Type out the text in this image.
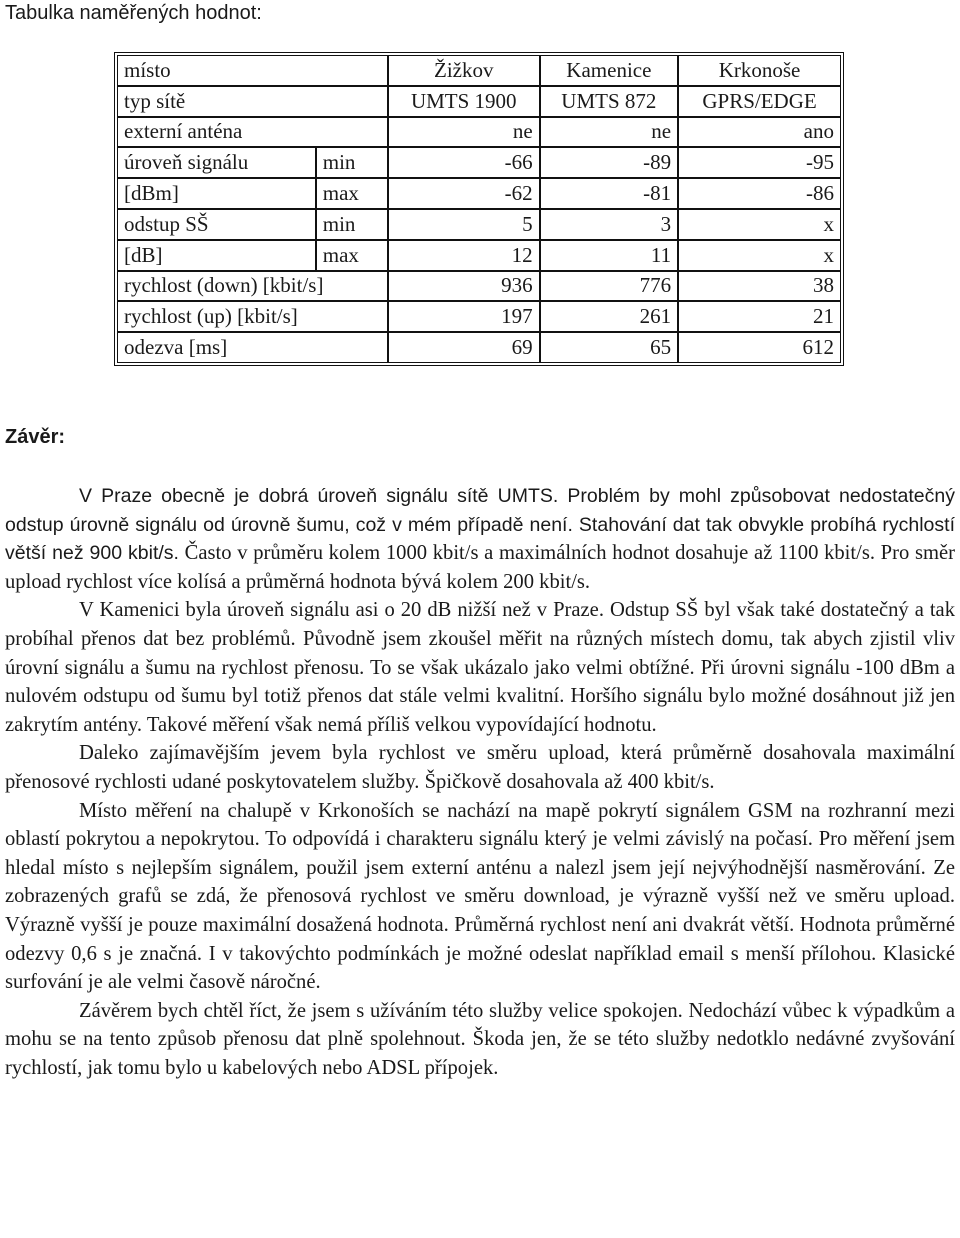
Tabulka naměřených hodnot:
místo		Žižkov	Kamenice	Krkonoše
typ sítě		UMTS 1900	UMTS 872	GPRS/EDGE
externí anténa		ne	ne	ano
úroveň signálu	min	-66	-89	-95
[dBm]	max	-62	-81	-86
odstup SŠ	min	5	3	x
[dB]	max	12	11	x
rychlost (down) [kbit/s]		936	776	38
rychlost (up) [kbit/s]		197	261	21
odezva [ms]		69	65	612
Závěr:

V Praze obecně je dobrá úroveň signálu sítě UMTS. Problém by mohl způsobovat nedostatečný odstup úrovně signálu od úrovně šumu, což v mém případě není. Stahování dat tak obvykle probíhá rychlostí větší než 900 kbit/s. Často v průměru kolem 1000 kbit/s a maximálních hodnot dosahuje až 1100 kbit/s. Pro směr upload rychlost více kolísá a průměrná hodnota bývá kolem 200 kbit/s.

V Kamenici byla úroveň signálu asi o 20 dB nižší než v Praze. Odstup SŠ byl však také dostatečný a tak probíhal přenos dat bez problémů. Původně jsem zkoušel měřit na různých místech domu, tak abych zjistil vliv úrovní signálu a šumu na rychlost přenosu. To se však ukázalo jako velmi obtížné. Při úrovni signálu -100 dBm a nulovém odstupu od šumu byl totiž přenos dat stále velmi kvalitní. Horšího signálu bylo možné dosáhnout již jen zakrytím antény. Takové měření však nemá příliš velkou vypovídající hodnotu.

Daleko zajímavějším jevem byla rychlost ve směru upload, která průměrně dosahovala maximální přenosové rychlosti udané poskytovatelem služby. Špičkově dosahovala až 400 kbit/s.

Místo měření na chalupě v Krkonoších se nachází na mapě pokrytí signálem GSM na rozhranní mezi oblastí pokrytou a nepokrytou. To odpovídá i charakteru signálu který je velmi závislý na počasí. Pro měření jsem hledal místo s nejlepším signálem, použil jsem externí anténu a nalezl jsem její nejvýhodnější nasměrování. Ze zobrazených grafů se zdá, že přenosová rychlost ve směru download, je výrazně vyšší než ve směru upload. Výrazně vyšší je pouze maximální dosažená hodnota. Průměrná rychlost není ani dvakrát větší. Hodnota průměrné odezvy 0,6 s je značná. I v takovýchto podmínkách je možné odeslat například email s menší přílohou. Klasické surfování je ale velmi časově náročné.

Závěrem bych chtěl říct, že jsem s užíváním této služby velice spokojen. Nedochází vůbec k výpadkům a mohu se na tento způsob přenosu dat plně spolehnout. Škoda jen, že se této služby nedotklo nedávné zvyšování rychlostí, jak tomu bylo u kabelových nebo ADSL přípojek.
